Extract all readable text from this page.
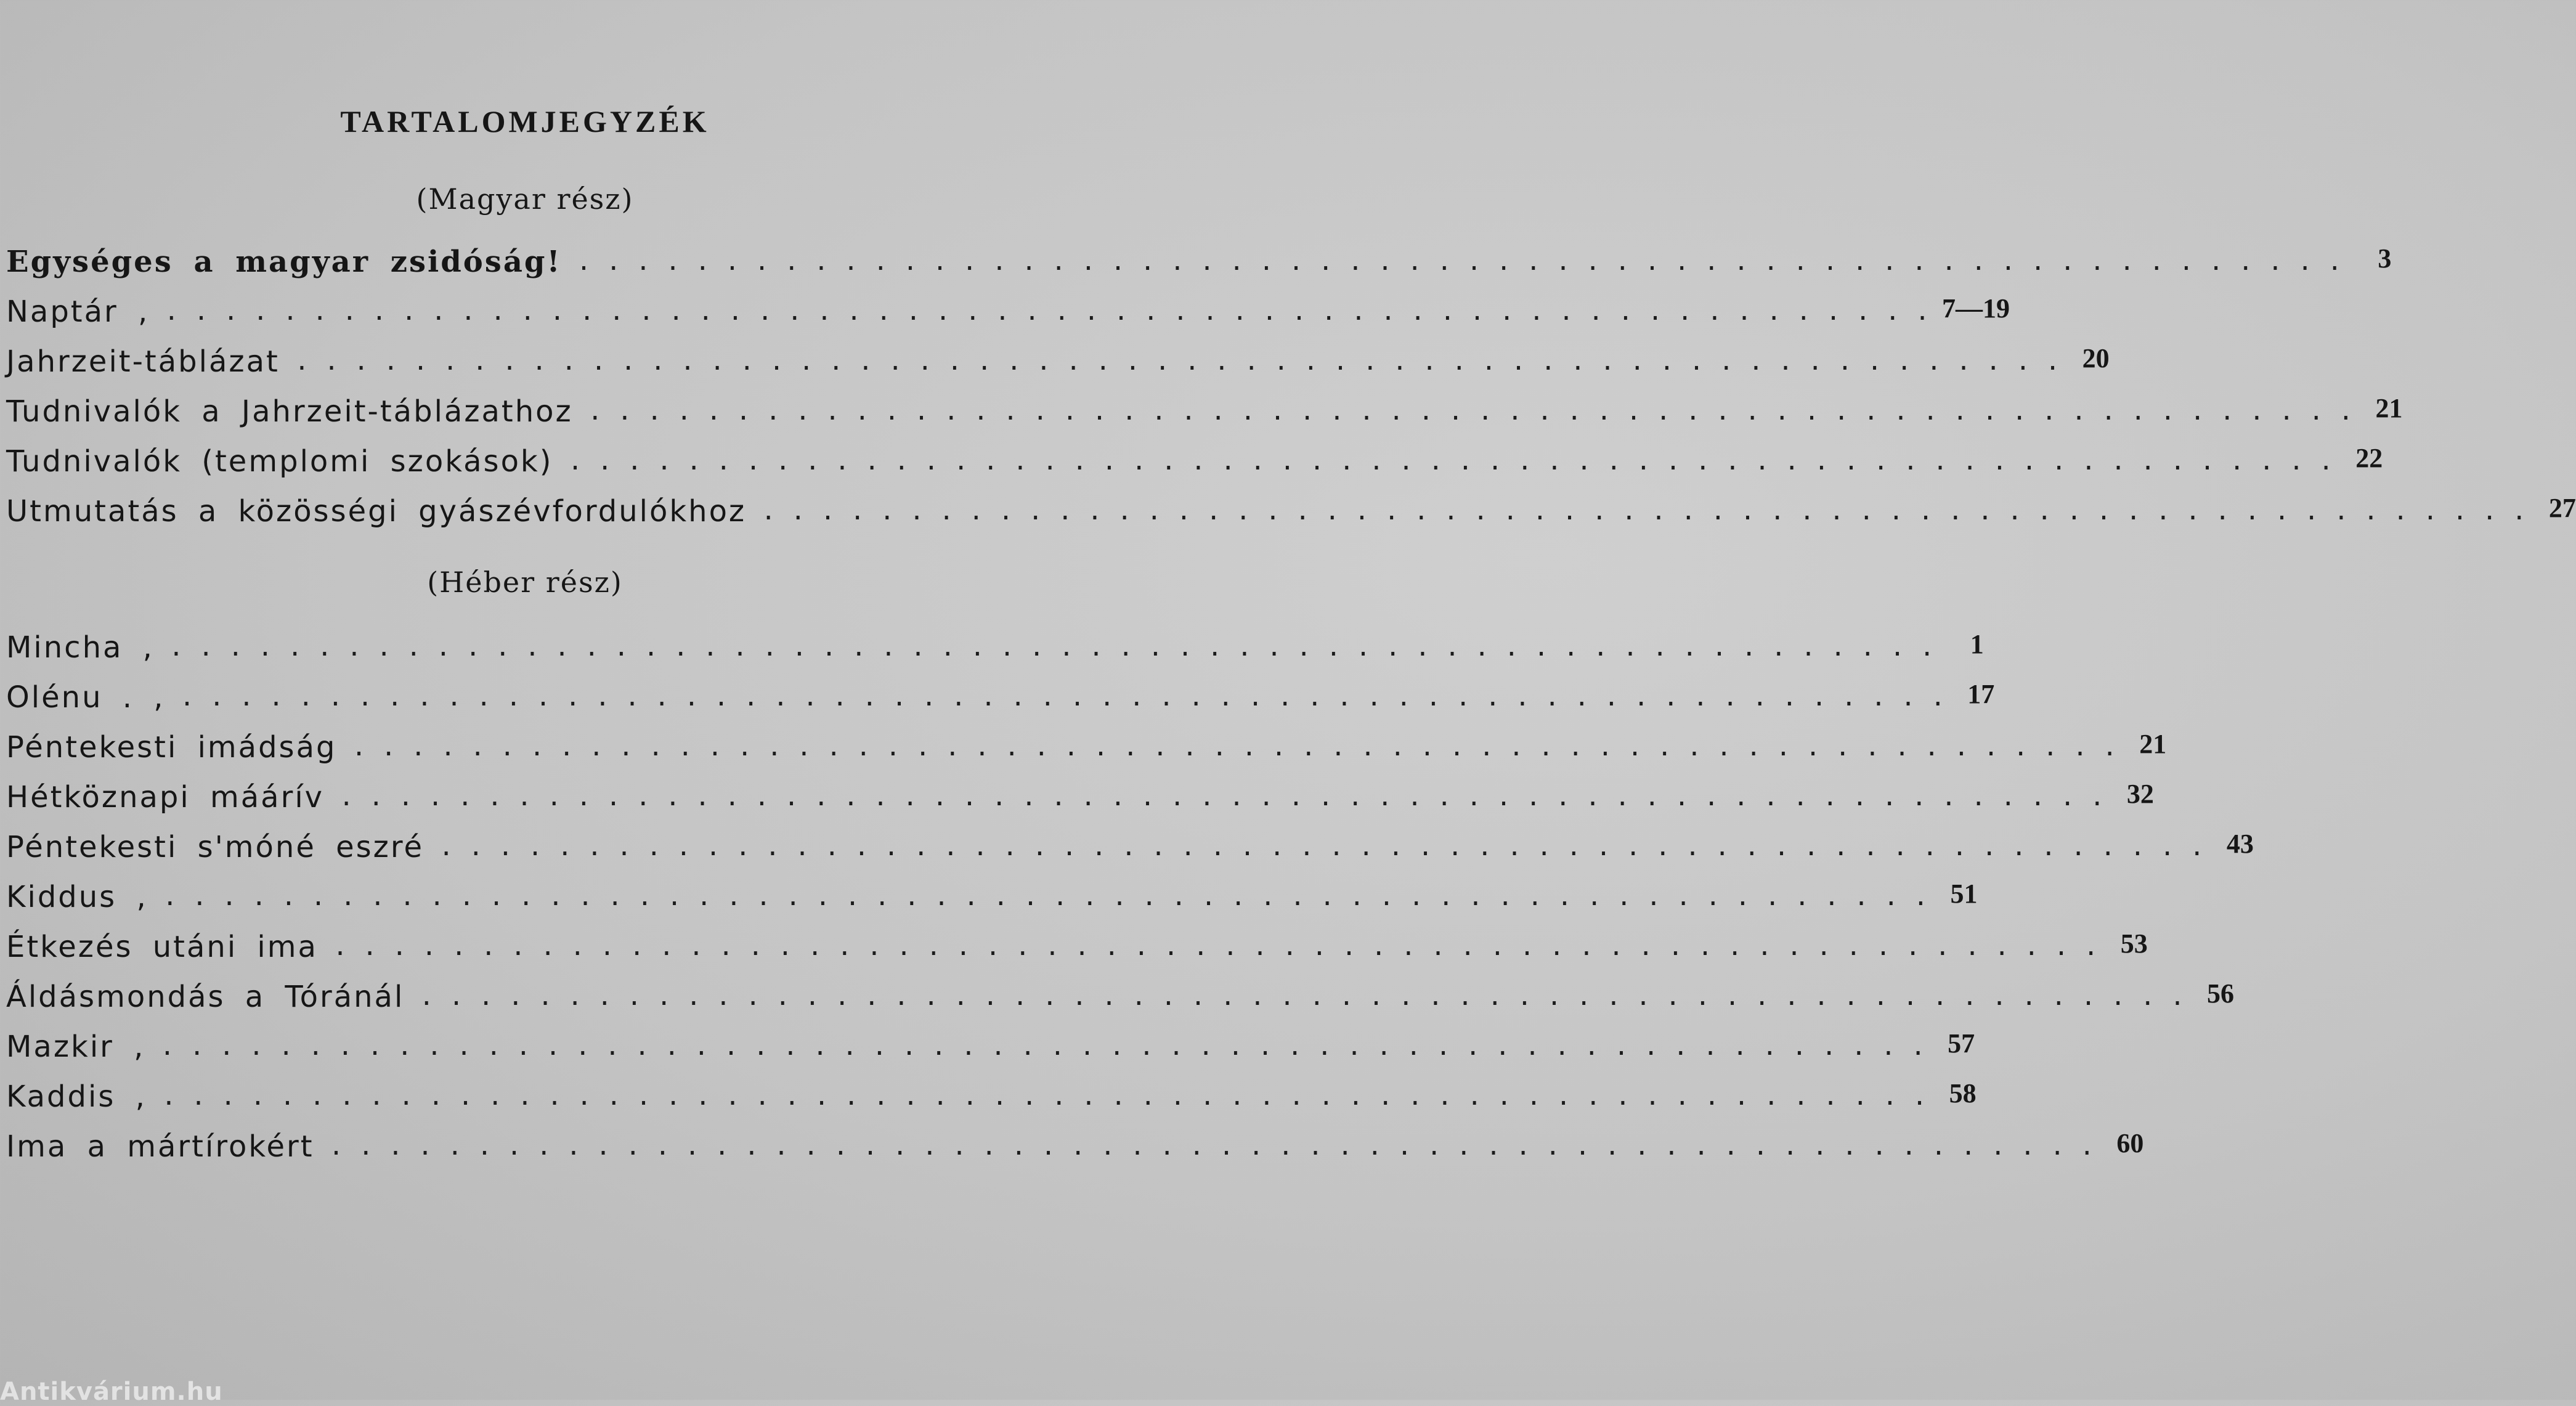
TARTALOMJEGYZÉK
(Magyar rész)
Egységes a magyar zsidóság! . . . . . . . . . . . . . . . . . . . . . . . . . . . . . . . . . . . . . . . . . . . . . . . . . . . . . . . . . . . .	3
Naptár , . . . . . . . . . . . . . . . . . . . . . . . . . . . . . . . . . . . . . . . . . . . . . . . . . . . . . . . . . . . . 7—19
Jahrzeit-táblázat . . . . . . . . . . . . . . . . . . . . . . . . . . . . . . . . . . . . . . . . . . . . . . . . . . . . . . . . . . . . 20
Tudnivalók a Jahrzeit-táblázathoz . . . . . . . . . . . . . . . . . . . . . . . . . . . . . . . . . . . . . . . . . . . . . . . . . . . . . . . . . . . . 21
Tudnivalók (templomi szokások) . . . . . . . . . . . . . . . . . . . . . . . . . . . . . . . . . . . . . . . . . . . . . . . . . . . . . . . . . . . . 22
Utmutatás a közösségi gyászévfordulókhoz . . . . . . . . . . . . . . . . . . . . . . . . . . . . . . . . . . . . . . . . . . . . . . . . . . . . . . . . . . . . 27
(Héber rész)
Mincha , . . . . . . . . . . . . . . . . . . . . . . . . . . . . . . . . . . . . . . . . . . . . . . . . . . . . . . . . . . . .	1
Olénu . , . . . . . . . . . . . . . . . . . . . . . . . . . . . . . . . . . . . . . . . . . . . . . . . . . . . . . . . . . . . . 17
Péntekesti imádság . . . . . . . . . . . . . . . . . . . . . . . . . . . . . . . . . . . . . . . . . . . . . . . . . . . . . . . . . . . . 21
Hétköznapi máárív . . . . . . . . . . . . . . . . . . . . . . . . . . . . . . . . . . . . . . . . . . . . . . . . . . . . . . . . . . . . 32
Péntekesti s'móné eszré . . . . . . . . . . . . . . . . . . . . . . . . . . . . . . . . . . . . . . . . . . . . . . . . . . . . . . . . . . . . 43
Kiddus , . . . . . . . . . . . . . . . . . . . . . . . . . . . . . . . . . . . . . . . . . . . . . . . . . . . . . . . . . . . . 51
Étkezés utáni ima . . . . . . . . . . . . . . . . . . . . . . . . . . . . . . . . . . . . . . . . . . . . . . . . . . . . . . . . . . . . 53
Áldásmondás a Tóránál . . . . . . . . . . . . . . . . . . . . . . . . . . . . . . . . . . . . . . . . . . . . . . . . . . . . . . . . . . . . 56
Mazkir , . . . . . . . . . . . . . . . . . . . . . . . . . . . . . . . . . . . . . . . . . . . . . . . . . . . . . . . . . . . . 57
Kaddis , . . . . . . . . . . . . . . . . . . . . . . . . . . . . . . . . . . . . . . . . . . . . . . . . . . . . . . . . . . . . 58
Ima a mártírokért . . . . . . . . . . . . . . . . . . . . . . . . . . . . . . . . . . . . . . . . . . . . . . . . . . . . . . . . . . . . 60
Antikvárium.hu
